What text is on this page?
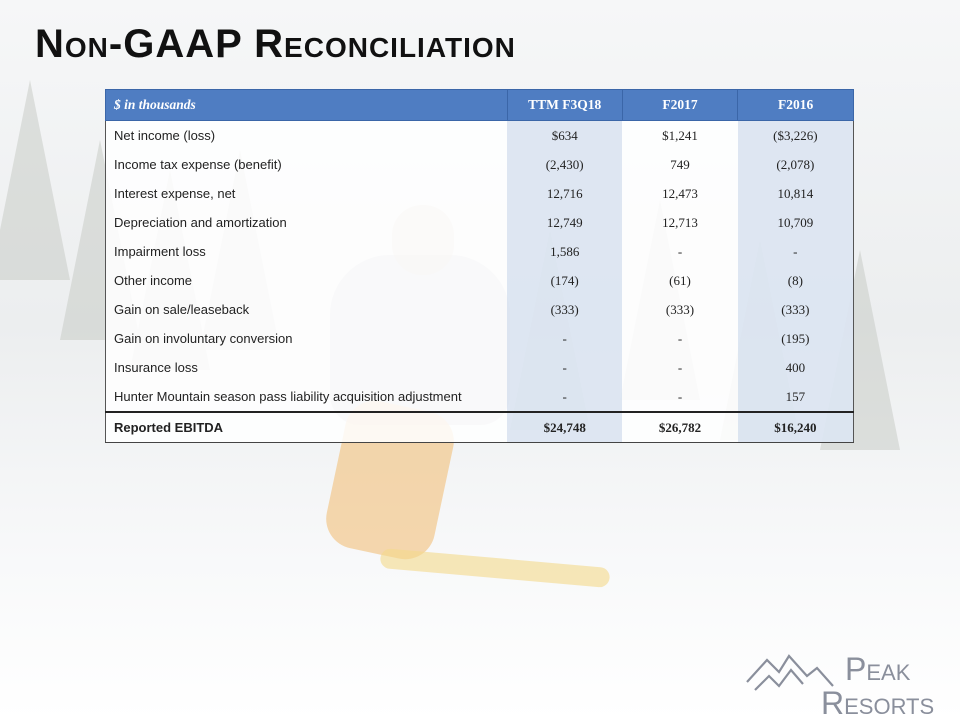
Non-GAAP Reconciliation
$ in thousands	TTM F3Q18	F2017	F2016
Net income (loss)	$634	$1,241	($3,226)
Income tax expense (benefit)	(2,430)	749	(2,078)
Interest expense, net	12,716	12,473	10,814
Depreciation and amortization	12,749	12,713	10,709
Impairment loss	1,586	-	-
Other income	(174)	(61)	(8)
Gain on sale/leaseback	(333)	(333)	(333)
Gain on involuntary conversion	-	-	(195)
Insurance loss	-	-	400
Hunter Mountain season pass liability acquisition adjustment	-	-	157
Reported EBITDA	$24,748	$26,782	$16,240
Peak
Resorts
